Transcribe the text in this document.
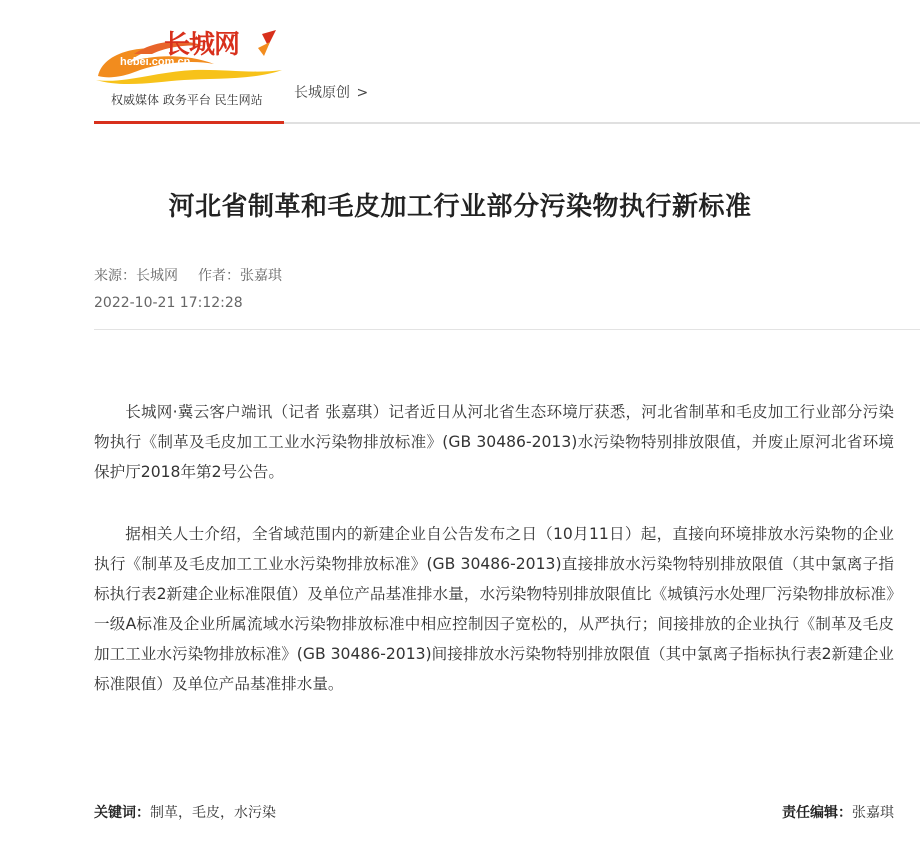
长城网
hebei.com.cn
权威媒体 政务平台 民生网站 长城原创 >
河北省制革和毛皮加工行业部分污染物执行新标准
来源：长城网 作者：张嘉琪
2022-10-21 17:12:28

长城网·冀云客户端讯（记者 张嘉琪）记者近日从河北省生态环境厅获悉，河北省制革和毛皮加工行业部分污染物执行《制革及毛皮加工工业水污染物排放标准》(GB 30486-2013)水污染物特别排放限值，并废止原河北省环境保护厅2018年第2号公告。

据相关人士介绍，全省域范围内的新建企业自公告发布之日（10月11日）起，直接向环境排放水污染物的企业执行《制革及毛皮加工工业水污染物排放标准》(GB 30486-2013)直接排放水污染物特别排放限值（其中氯离子指标执行表2新建企业标准限值）及单位产品基准排水量，水污染物特别排放限值比《城镇污水处理厂污染物排放标准》一级A标准及企业所属流域水污染物排放标准中相应控制因子宽松的，从严执行；间接排放的企业执行《制革及毛皮加工工业水污染物排放标准》(GB 30486-2013)间接排放水污染物特别排放限值（其中氯离子指标执行表2新建企业标准限值）及单位产品基准排水量。

关键词：制革，毛皮，水污染	责任编辑：张嘉琪
